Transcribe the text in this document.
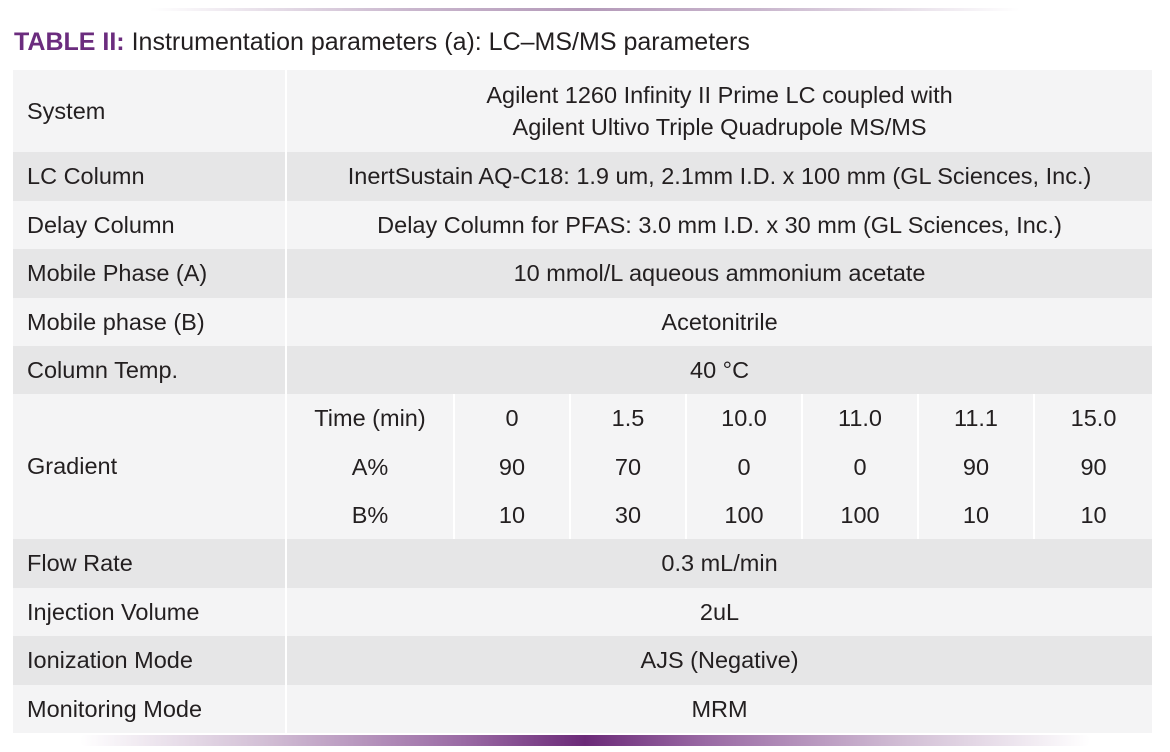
TABLE II: Instrumentation parameters (a): LC–MS/MS parameters
System	Agilent 1260 Infinity II Prime LC coupled with
Agilent Ultivo Triple Quadrupole MS/MS						

LC Column	InertSustain AQ-C18: 1.9 um, 2.1mm I.D. x 100 mm (GL Sciences, Inc.)						
Delay Column	Delay Column for PFAS: 3.0 mm I.D. x 30 mm (GL Sciences, Inc.)						
Mobile Phase (A)	10 mmol/L aqueous ammonium acetate						
Mobile phase (B)	Acetonitrile						
Column Temp.	40 °C						
Gradient	Time (min)	0	1.5	10.0	11.0	11.1	15.0
	A%	90	70	0	0	90	90
	B%	10	30	100	100	10	10
Flow Rate	0.3 mL/min						
Injection Volume	2uL						
Ionization Mode	AJS (Negative)						
Monitoring Mode	MRM						
